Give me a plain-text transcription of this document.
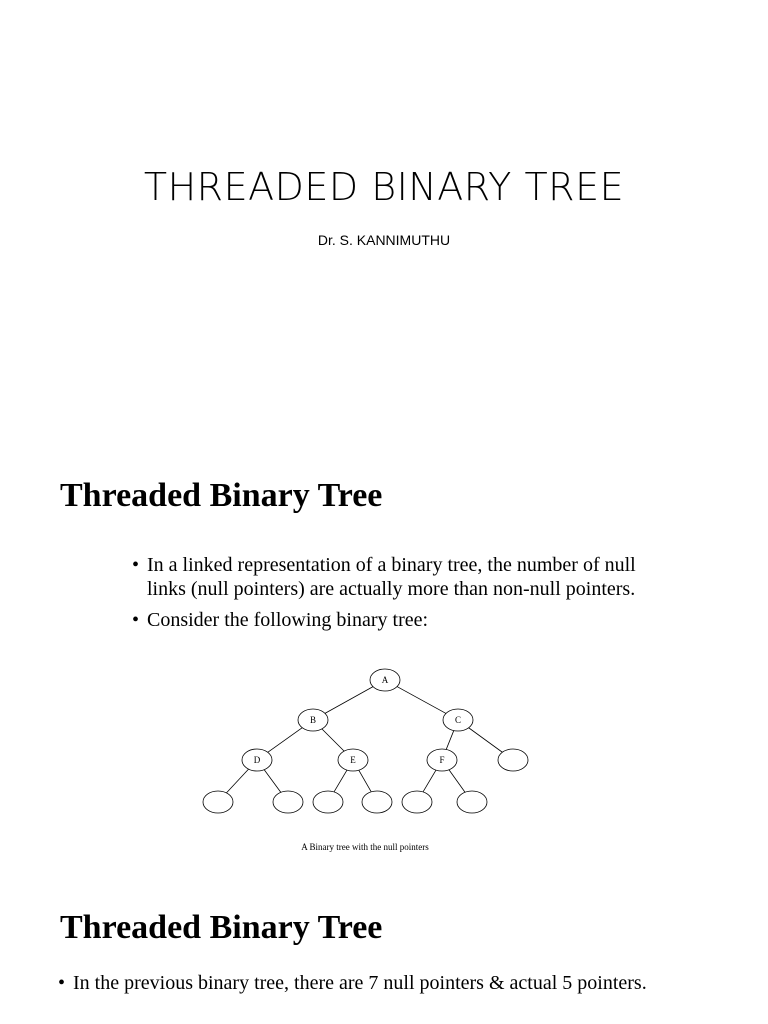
THREADED BINARY TREE
Dr. S. KANNIMUTHU
Threaded Binary Tree
• In a linked representation of a binary tree, the number of null links (null pointers) are actually more than non-null pointers.
• Consider the following binary tree:
A
B	C
D	E	F
A Binary tree with the null pointers
Threaded Binary Tree
• In the previous binary tree, there are 7 null pointers & actual 5 pointers.
